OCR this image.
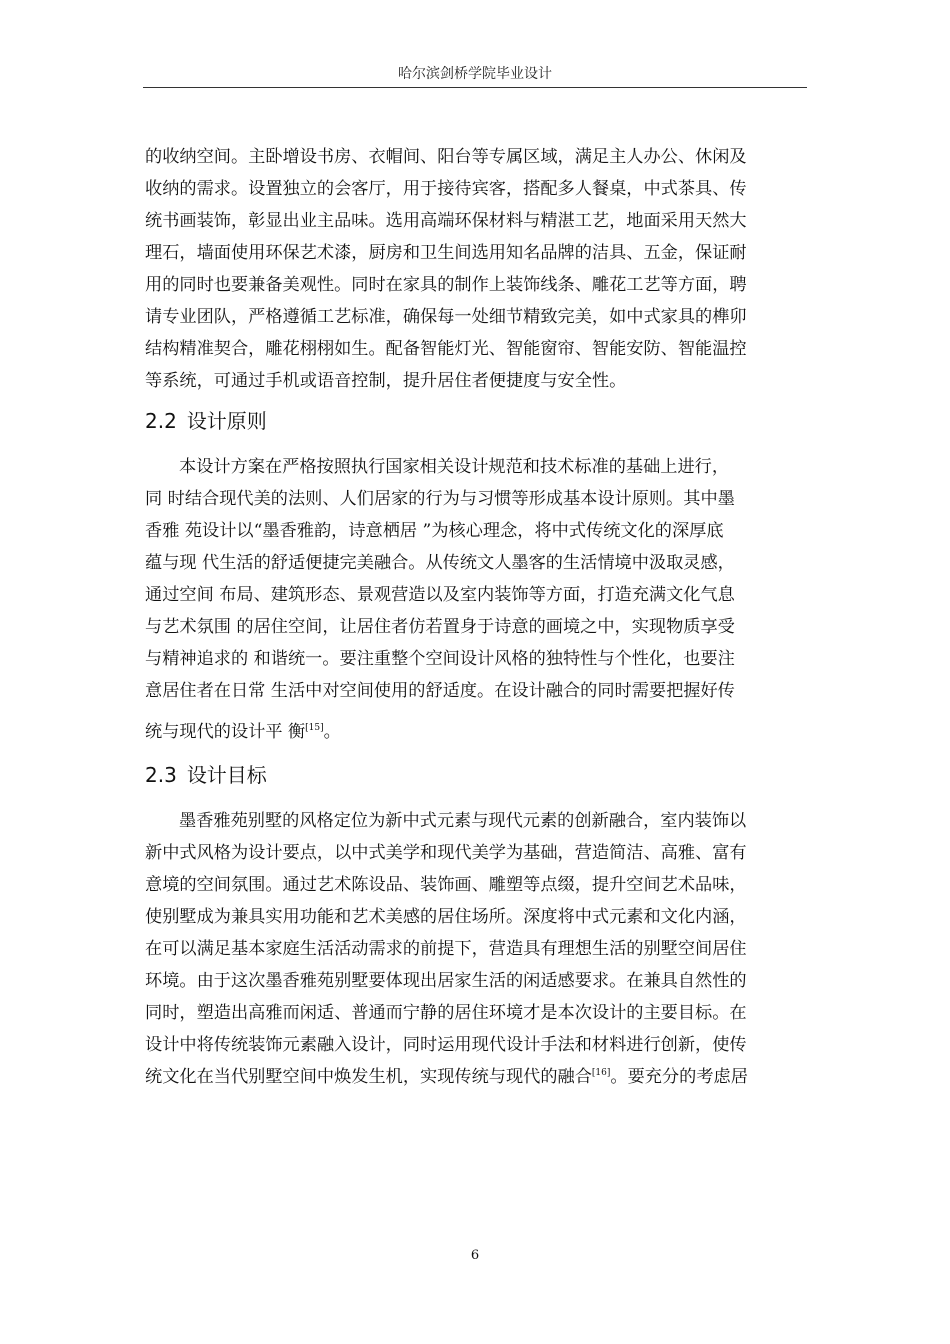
哈尔滨剑桥学院毕业设计
的收纳空间。主卧增设书房、衣帽间、阳台等专属区域，满足主人办公、休闲及
收纳的需求。设置独立的会客厅，用于接待宾客，搭配多人餐桌，中式茶具、传
统书画装饰，彰显出业主品味。选用高端环保材料与精湛工艺，地面采用天然大
理石，墙面使用环保艺术漆，厨房和卫生间选用知名品牌的洁具、五金，保证耐
用的同时也要兼备美观性。同时在家具的制作上装饰线条、雕花工艺等方面，聘
请专业团队，严格遵循工艺标准，确保每一处细节精致完美，如中式家具的榫卯
结构精准契合，雕花栩栩如生。配备智能灯光、智能窗帘、智能安防、智能温控
等系统，可通过手机或语音控制，提升居住者便捷度与安全性。
2.2 设计原则
本设计方案在严格按照执行国家相关设计规范和技术标准的基础上进行，
同 时结合现代美的法则、人们居家的行为与习惯等形成基本设计原则。其中墨
香雅 苑设计以“墨香雅韵，诗意栖居 ”为核心理念，将中式传统文化的深厚底
蕴与现 代生活的舒适便捷完美融合。从传统文人墨客的生活情境中汲取灵感，
通过空间 布局、建筑形态、景观营造以及室内装饰等方面，打造充满文化气息
与艺术氛围 的居住空间，让居住者仿若置身于诗意的画境之中，实现物质享受
与精神追求的 和谐统一。要注重整个空间设计风格的独特性与个性化，也要注
意居住者在日常 生活中对空间使用的舒适度。在设计融合的同时需要把握好传
统与现代的设计平 衡[15]。
2.3 设计目标
墨香雅苑别墅的风格定位为新中式元素与现代元素的创新融合，室内装饰以
新中式风格为设计要点，以中式美学和现代美学为基础，营造简洁、高雅、富有
意境的空间氛围。通过艺术陈设品、装饰画、雕塑等点缀，提升空间艺术品味，
使别墅成为兼具实用功能和艺术美感的居住场所。深度将中式元素和文化内涵，
在可以满足基本家庭生活活动需求的前提下，营造具有理想生活的别墅空间居住
环境。由于这次墨香雅苑别墅要体现出居家生活的闲适感要求。在兼具自然性的
同时，塑造出高雅而闲适、普通而宁静的居住环境才是本次设计的主要目标。在
设计中将传统装饰元素融入设计，同时运用现代设计手法和材料进行创新，使传
统文化在当代别墅空间中焕发生机，实现传统与现代的融合[16]。要充分的考虑居
6
